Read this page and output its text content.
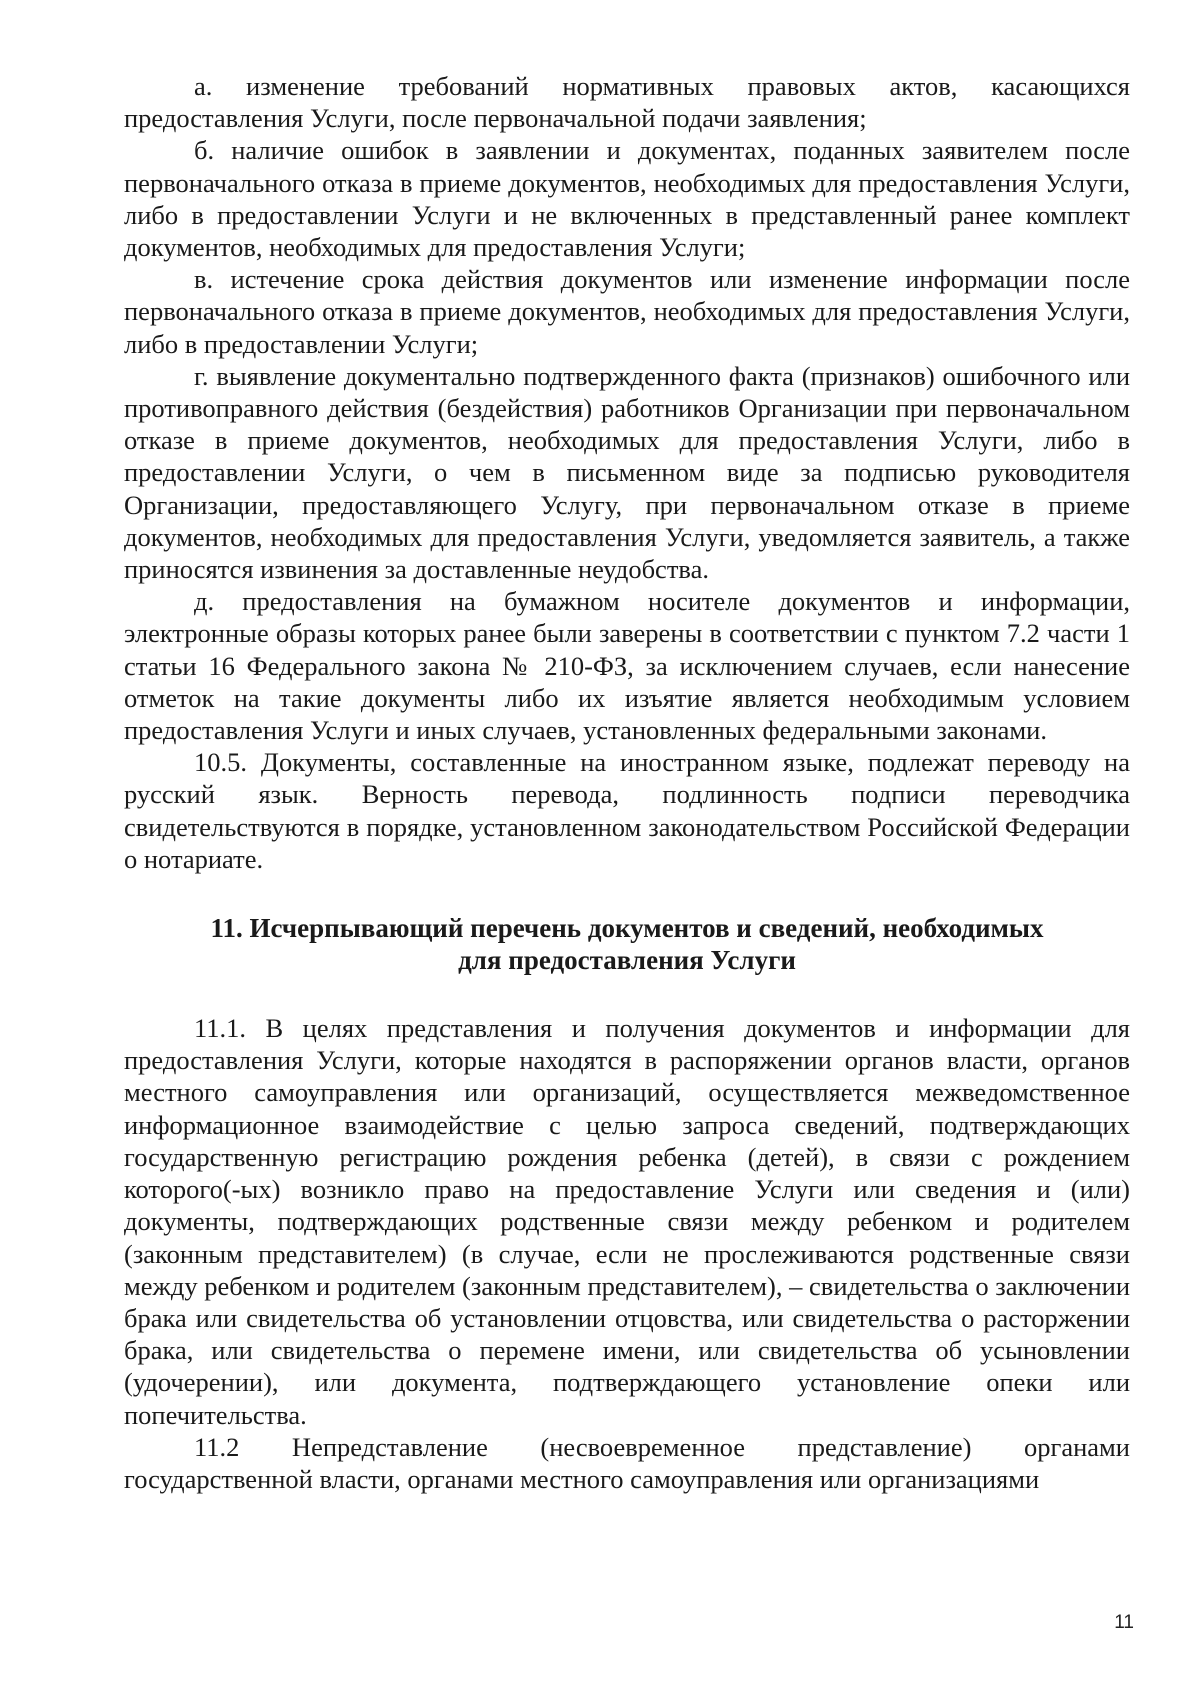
а. изменение требований нормативных правовых актов, касающихся предоставления Услуги, после первоначальной подачи заявления;

б. наличие ошибок в заявлении и документах, поданных заявителем после первоначального отказа в приеме документов, необходимых для предоставления Услуги, либо в предоставлении Услуги и не включенных в представленный ранее комплект документов, необходимых для предоставления Услуги;

в. истечение срока действия документов или изменение информации после первоначального отказа в приеме документов, необходимых для предоставления Услуги, либо в предоставлении Услуги;

г. выявление документально подтвержденного факта (признаков) ошибочного или противоправного действия (бездействия) работников Организации при первоначальном отказе в приеме документов, необходимых для предоставления Услуги, либо в предоставлении Услуги, о чем в письменном виде за подписью руководителя Организации, предоставляющего Услугу, при первоначальном отказе в приеме документов, необходимых для предоставления Услуги, уведомляется заявитель, а также приносятся извинения за доставленные неудобства.

д. предоставления на бумажном носителе документов и информации, электронные образы которых ранее были заверены в соответствии с пунктом 7.2 части 1 статьи 16 Федерального закона № 210-ФЗ, за исключением случаев, если нанесение отметок на такие документы либо их изъятие является необходимым условием предоставления Услуги и иных случаев, установленных федеральными законами.

10.5. Документы, составленные на иностранном языке, подлежат переводу на русский язык. Верность перевода, подлинность подписи переводчика свидетельствуются в порядке, установленном законодательством Российской Федерации о нотариате.

11. Исчерпывающий перечень документов и сведений, необходимых
для предоставления Услуги

11.1. В целях представления и получения документов и информации для предоставления Услуги, которые находятся в распоряжении органов власти, органов местного самоуправления или организаций, осуществляется межведомственное информационное взаимодействие с целью запроса сведений, подтверждающих государственную регистрацию рождения ребенка (детей), в связи с рождением которого(-ых) возникло право на предоставление Услуги или сведения и (или) документы, подтверждающих родственные связи между ребенком и родителем (законным представителем) (в случае, если не прослеживаются родственные связи между ребенком и родителем (законным представителем), – свидетельства о заключении брака или свидетельства об установлении отцовства, или свидетельства о расторжении брака, или свидетельства о перемене имени, или свидетельства об усыновлении (удочерении), или документа, подтверждающего установление опеки или попечительства.

11.2 Непредставление (несвоевременное представление) органами государственной власти, органами местного самоуправления или организациями

11
